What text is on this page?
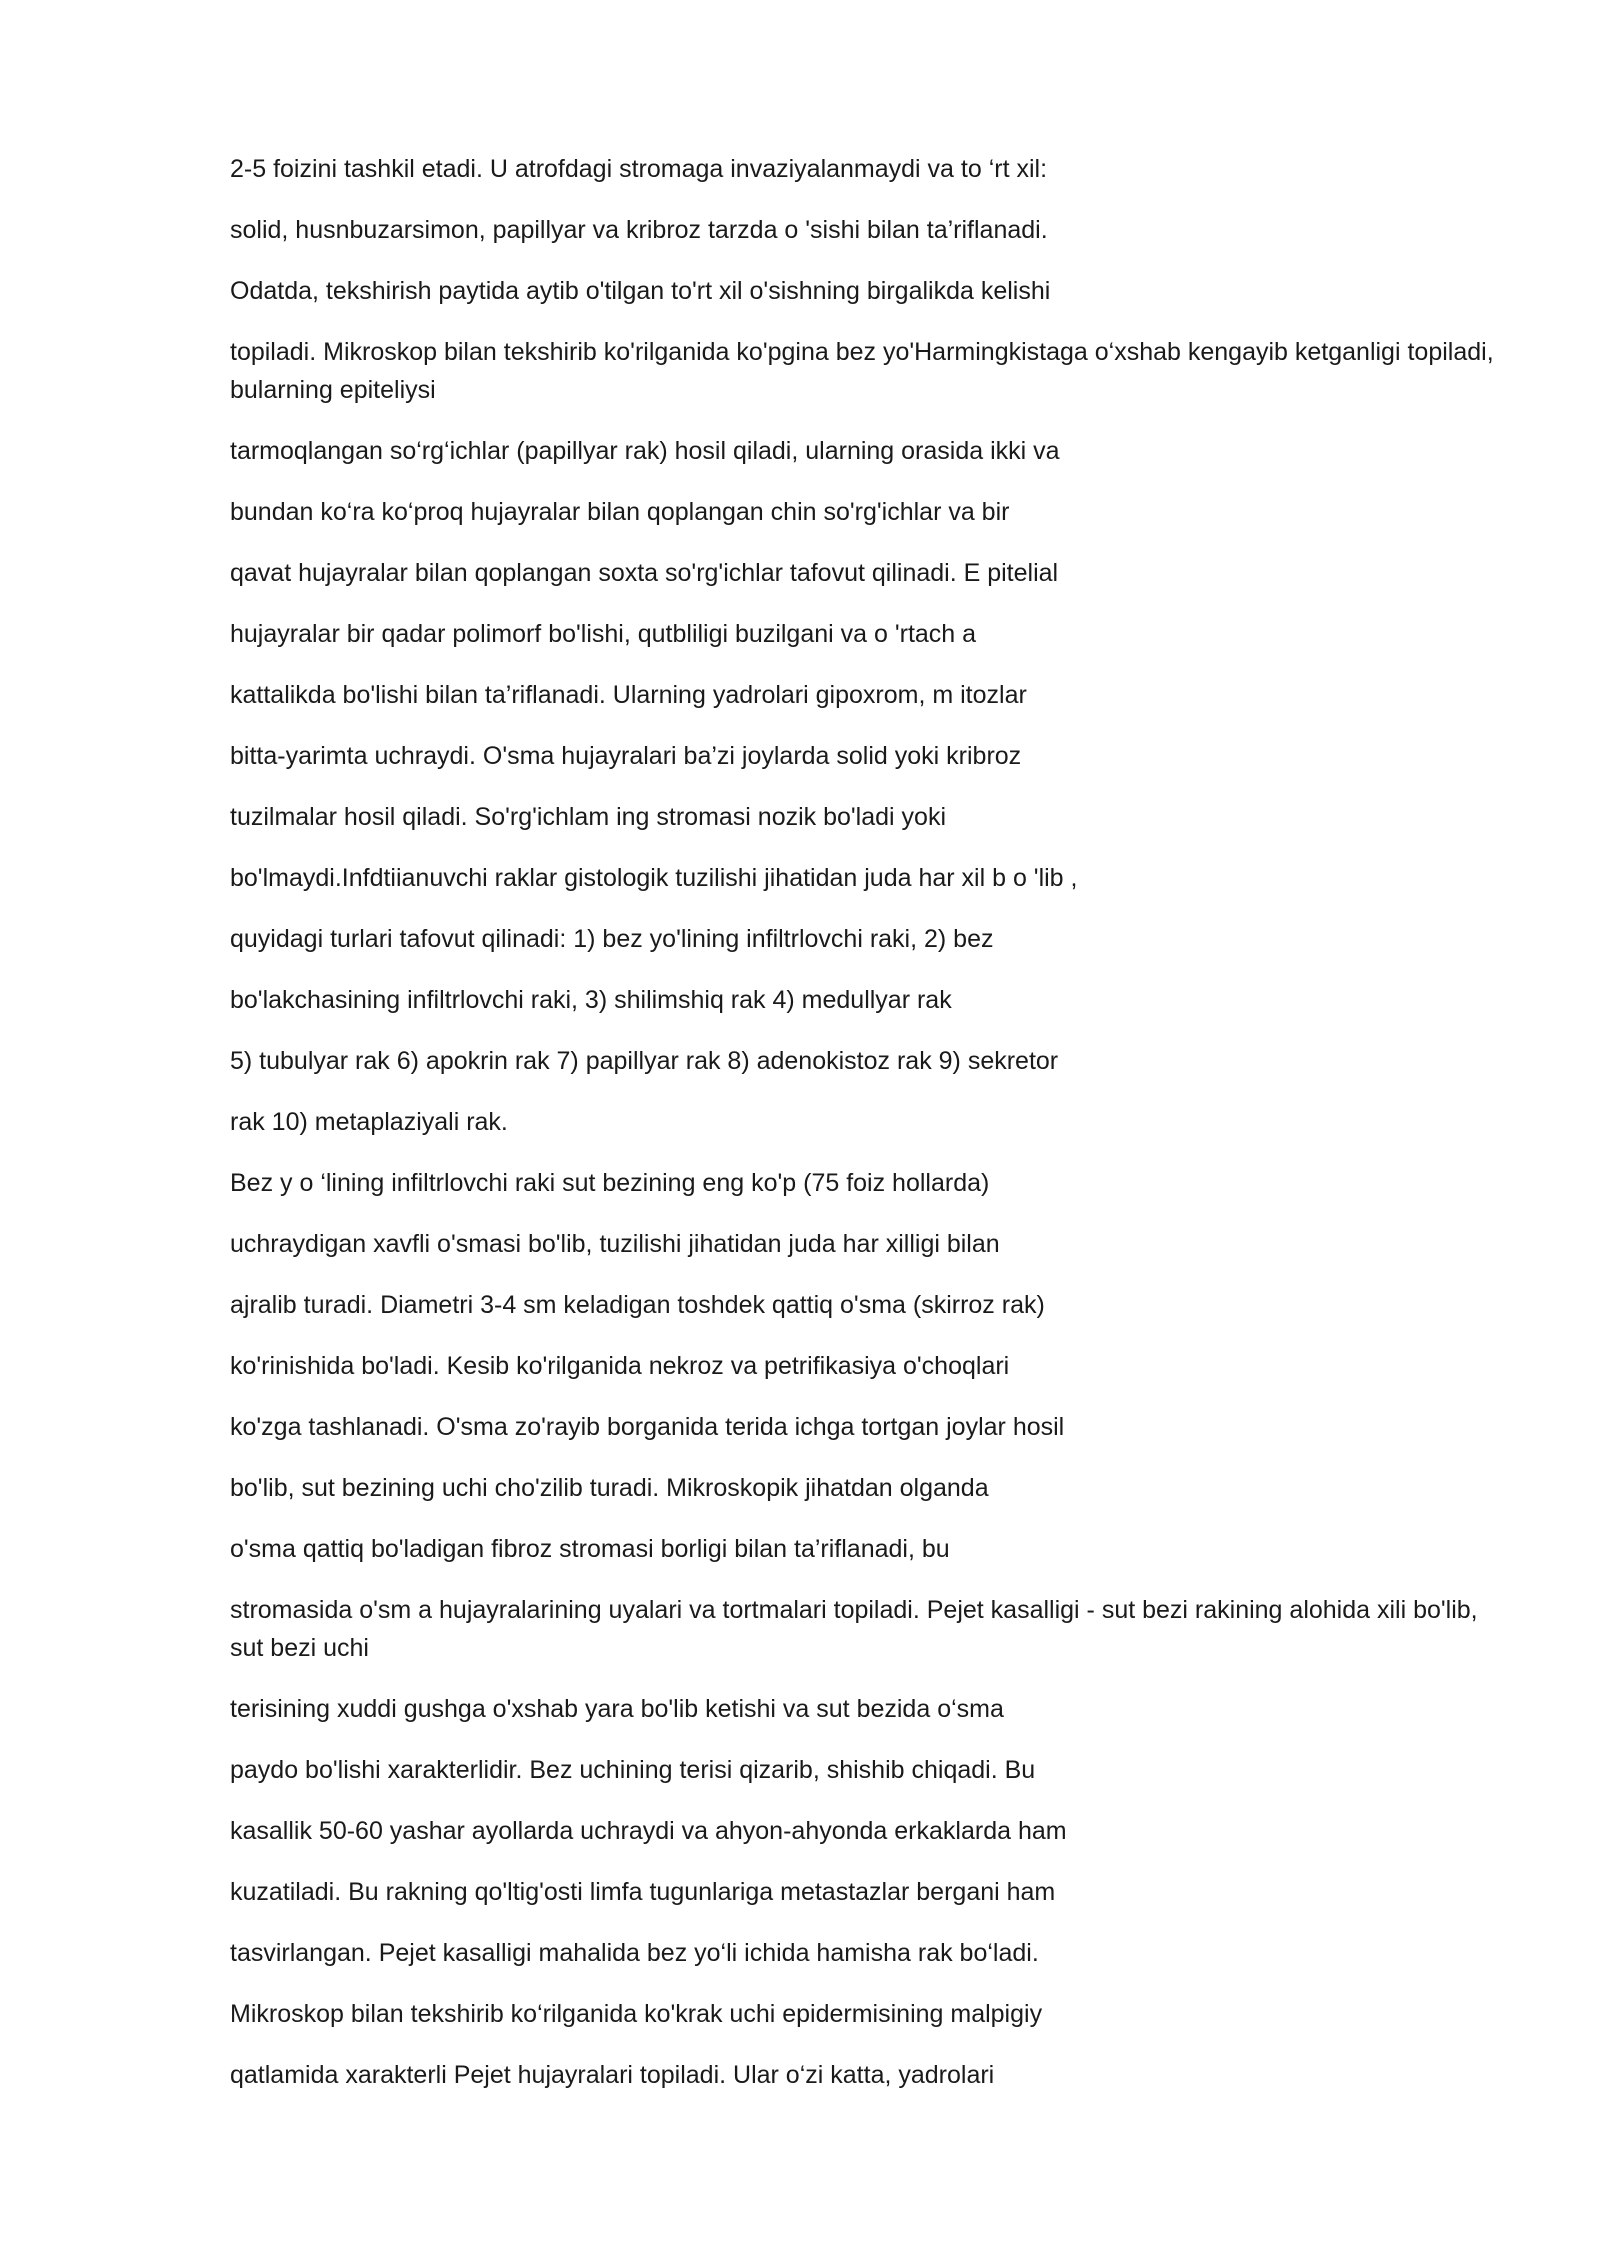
2-5 foizini tashkil etadi. U atrofdagi stromaga invaziyalanmaydi va to ‘rt xil:

solid, husnbuzarsimon, papillyar va kribroz tarzda o 'sishi bilan ta’riflanadi.

Odatda, tekshirish paytida aytib o'tilgan to'rt xil o'sishning birgalikda kelishi

topiladi. Mikroskop bilan tekshirib ko'rilganida ko'pgina bez yo'Harmingkistaga o‘xshab kengayib ketganligi topiladi, bularning epiteliysi

tarmoqlangan so‘rg‘ichlar (papillyar rak) hosil qiladi, ularning orasida ikki va

bundan ko‘ra ko‘proq hujayralar bilan qoplangan chin so'rg'ichlar va bir

qavat hujayralar bilan qoplangan soxta so'rg'ichlar tafovut qilinadi. E pitelial

hujayralar bir qadar polimorf bo'lishi, qutbliligi buzilgani va o 'rtach a

kattalikda bo'lishi bilan ta’riflanadi. Ularning yadrolari gipoxrom, m itozlar

bitta-yarimta uchraydi. O'sma hujayralari ba’zi joylarda solid yoki kribroz

tuzilmalar hosil qiladi. So'rg'ichlam ing stromasi nozik bo'ladi yoki

bo'lmaydi.Infdtiianuvchi raklar gistologik tuzilishi jihatidan juda har xil b o 'lib ,

quyidagi turlari tafovut qilinadi: 1) bez yo'lining infiltrlovchi raki, 2) bez

bo'lakchasining infiltrlovchi raki, 3) shilimshiq rak 4) medullyar rak

5) tubulyar rak 6) apokrin rak 7) papillyar rak 8) adenokistoz rak 9) sekretor

rak 10) metaplaziyali rak.

Bez y o ‘lining infiltrlovchi raki sut bezining eng ko'p (75 foiz hollarda)

uchraydigan xavfli o'smasi bo'lib, tuzilishi jihatidan juda har xilligi bilan

ajralib turadi. Diametri 3-4 sm keladigan toshdek qattiq o'sma (skirroz rak)

ko'rinishida bo'ladi. Kesib ko'rilganida nekroz va petrifikasiya o'choqlari

ko'zga tashlanadi. O'sma zo'rayib borganida terida ichga tortgan joylar hosil

bo'lib, sut bezining uchi cho'zilib turadi. Mikroskopik jihatdan olganda

o'sma qattiq bo'ladigan fibroz stromasi borligi bilan ta’riflanadi, bu

stromasida o'sm a hujayralarining uyalari va tortmalari topiladi. Pejet kasalligi - sut bezi rakining alohida xili bo'lib, sut bezi uchi

terisining xuddi gushga o'xshab yara bo'lib ketishi va sut bezida o‘sma

paydo bo'lishi xarakterlidir. Bez uchining terisi qizarib, shishib chiqadi. Bu

kasallik 50-60 yashar ayollarda uchraydi va ahyon-ahyonda erkaklarda ham

kuzatiladi. Bu rakning qo'ltig'osti limfa tugunlariga metastazlar bergani ham

tasvirlangan. Pejet kasalligi mahalida bez yo‘li ichida hamisha rak bo‘ladi.

Mikroskop bilan tekshirib ko‘rilganida ko'krak uchi epidermisining malpigiy

qatlamida xarakterli Pejet hujayralari topiladi. Ular o‘zi katta, yadrolari
